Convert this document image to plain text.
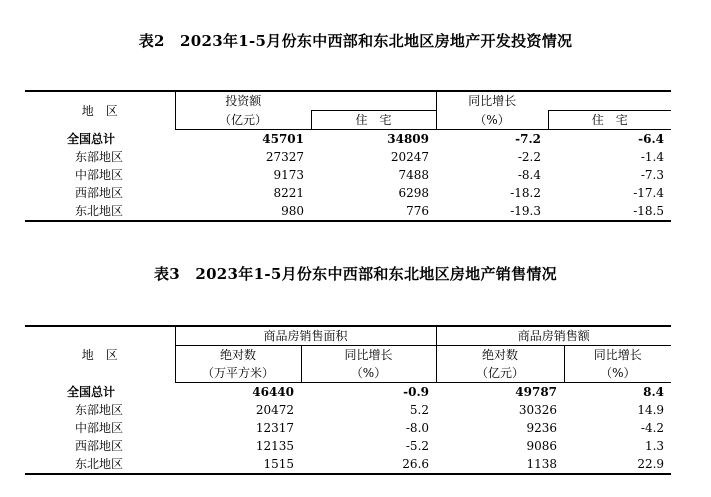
表2　2023年1-5月份东中西部和东北地区房地产开发投资情况
地　区	投资额		同比增长	
	（亿元）	住　宅	（%）	住　宅
全国总计	45701	34809	-7.2	-6.4
东部地区	27327	20247	-2.2	-1.4
中部地区	9173	7488	-8.4	-7.3
西部地区	8221	6298	-18.2	-17.4
东北地区	980	776	-19.3	-18.5
表3　2023年1-5月份东中西部和东北地区房地产销售情况
地　区	商品房销售面积		商品房销售额	
	绝对数	同比增长	绝对数	同比增长
	（万平方米）	（%）	（亿元）	（%）
全国总计	46440	-0.9	49787	8.4
东部地区	20472	5.2	30326	14.9
中部地区	12317	-8.0	9236	-4.2
西部地区	12135	-5.2	9086	1.3
东北地区	1515	26.6	1138	22.9
